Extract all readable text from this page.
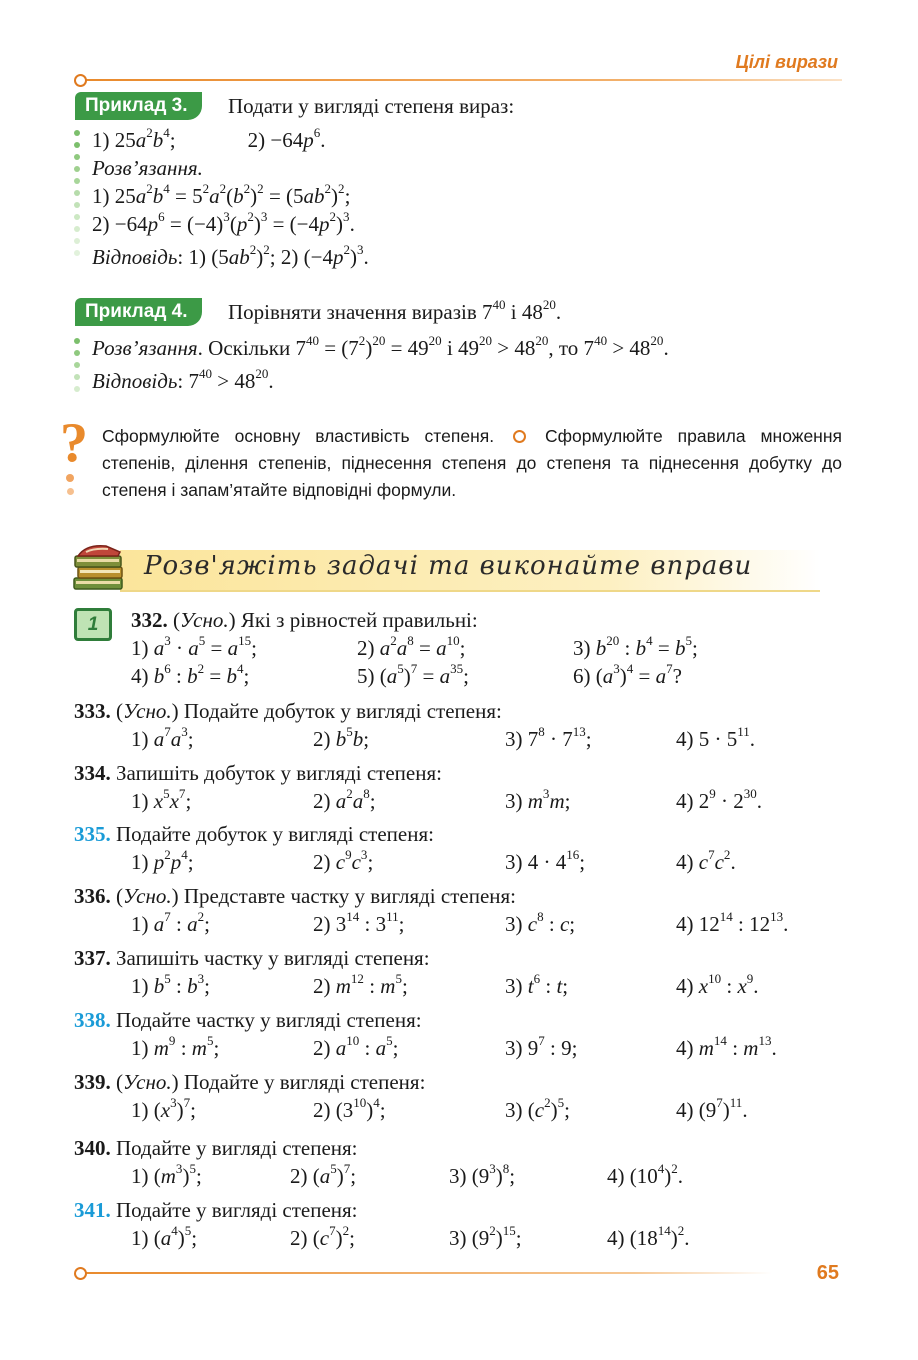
Цілі вирази
Приклад 3.	Подати у вигляді степеня вираз:
1) $25a^2b^4$;	$2) -64p^6$.
Розв’язання.
1) $25a^2b^4 = 5^2a^2(b^2)^2 = (5ab^2)^2$;
$2) -64p^6 = (-4)^3(p^2)^3 = (-4p^2)^3$.
Відповідь: 1) $(5ab^2)^2$; 2) $(-4p^2)^3$.
Приклад 4.	Порівняти значення виразів $7^{40}$ і $48^{20}$.
Розв’язання. Оскільки $7^{40} = (7^2)^{20} = 49^{20}$ і $49^{20} > 48^{20}$, то $7^{40} > 48^{20}$.
Відповідь: $7^{40} > 48^{20}$.
? Сформулюйте основну властивість степеня.	Сформулюйте правила множення степенів, ділення степенів, піднесення степеня до степеня та піднесення добутку до степеня і запам’ятайте відповідні формули.
Розв'яжіть задачі та виконайте вправи
1	332. (Усно.) Які з рівностей правильні:
1) $a^3 \cdot a^5 = a^{15}$;	2) $a^2a^8 = a^{10}$;	3) $b^{20}$ : $b^4 = b^5$;
4) $b^6$ : $b^2 = b^4$;	5) $(a^5)^7 = a^{35}$;	6) $(a^3)^4 = a^7$?
333. (Усно.) Подайте добуток у вигляді степеня:
1) $a^7a^3$;	2) $b^5b$;	3) $7^8 \cdot 7^{13}$;	4) $5 \cdot 5^{11}$.
334. Запишіть добуток у вигляді степеня:
1) $x^5x^7$;	2) $a^2a^8$;	3) $m^3m$;	4) $2^9 \cdot 2^{30}$.
335. Подайте добуток у вигляді степеня:
1) $p^2p^4$;	2) $c^9c^3$;	3) $4 \cdot 4^{16}$;	4) $c^7c^2$.
336. (Усно.) Представте частку у вигляді степеня:
1) $a^7$ : $a^2$;	2) $3^{14}$ : $3^{11}$;	3) $c^8$ : c;	4) $12^{14}$ : $12^{13}$.
337. Запишіть частку у вигляді степеня:
1) $b^5$ : $b^3$;	2) $m^{12}$ : $m^5$;	3) $t^6$ : t;	4) $x^{10}$ : $x^9$.
338. Подайте частку у вигляді степеня:
1) $m^9$ : $m^5$;	2) $a^{10}$ : $a^5$;	3) $9^7$ : 9;	4) $m^{14}$ : $m^{13}$.
339. (Усно.) Подайте у вигляді степеня:
1) $(x^3)^7$;	2) $(3^{10})^4$;	3) $(c^2)^5$;	4) $(9^7)^{11}$.
340. Подайте у вигляді степеня:
1) $(m^3)^5$;	2) $(a^5)^7$;	3) $(9^3)^8$;	4) $(10^4)^2$.
341. Подайте у вигляді степеня:
1) $(a^4)^5$;	2) $(c^7)^2$;	3) $(9^2)^{15}$;	4) $(18^{14})^2$.
65
